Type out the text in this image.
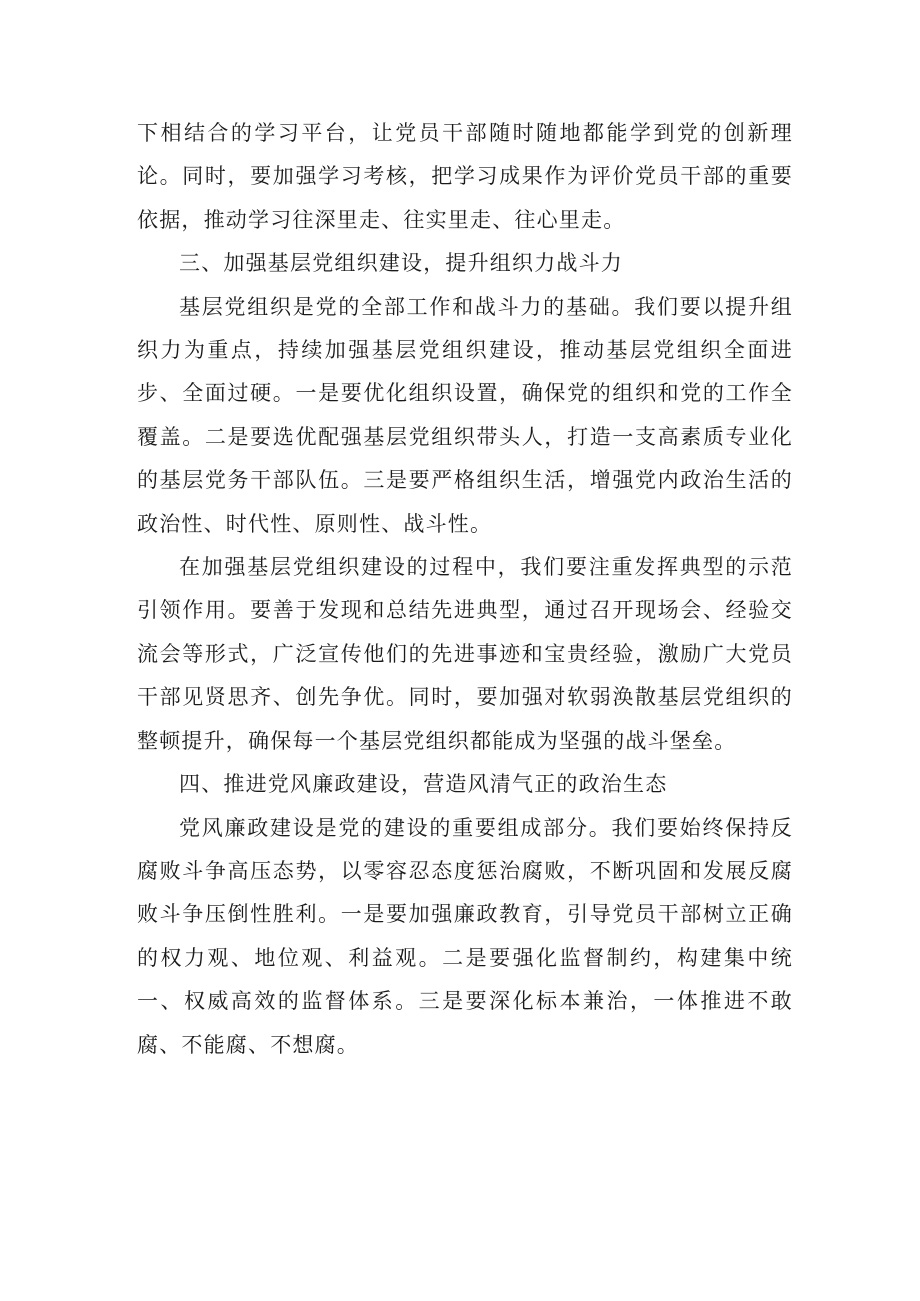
下相结合的学习平台，让党员干部随时随地都能学到党的创新理论。同时，要加强学习考核，把学习成果作为评价党员干部的重要依据，推动学习往深里走、往实里走、往心里走。

三、加强基层党组织建设，提升组织力战斗力

基层党组织是党的全部工作和战斗力的基础。我们要以提升组织力为重点，持续加强基层党组织建设，推动基层党组织全面进步、全面过硬。一是要优化组织设置，确保党的组织和党的工作全覆盖。二是要选优配强基层党组织带头人，打造一支高素质专业化的基层党务干部队伍。三是要严格组织生活，增强党内政治生活的政治性、时代性、原则性、战斗性。

在加强基层党组织建设的过程中，我们要注重发挥典型的示范引领作用。要善于发现和总结先进典型，通过召开现场会、经验交流会等形式，广泛宣传他们的先进事迹和宝贵经验，激励广大党员干部见贤思齐、创先争优。同时，要加强对软弱涣散基层党组织的整顿提升，确保每一个基层党组织都能成为坚强的战斗堡垒。

四、推进党风廉政建设，营造风清气正的政治生态

党风廉政建设是党的建设的重要组成部分。我们要始终保持反腐败斗争高压态势，以零容忍态度惩治腐败，不断巩固和发展反腐败斗争压倒性胜利。一是要加强廉政教育，引导党员干部树立正确的权力观、地位观、利益观。二是要强化监督制约，构建集中统一、权威高效的监督体系。三是要深化标本兼治，一体推进不敢腐、不能腐、不想腐。
